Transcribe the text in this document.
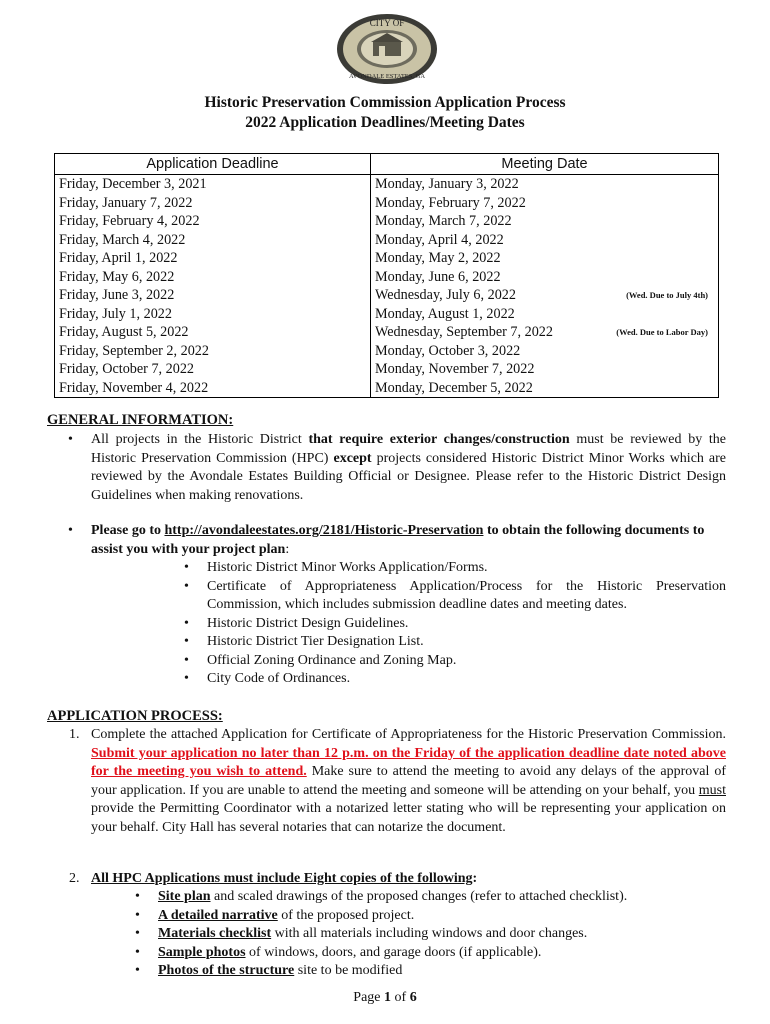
CITY OF
AVONDALE ESTATES, GA
Historic Preservation Commission Application Process
2022 Application Deadlines/Meeting Dates
Application Deadline	Meeting Date
Friday, December 3, 2021	Monday, January 3, 2022
Friday, January 7, 2022	Monday, February 7, 2022
Friday, February 4, 2022	Monday, March 7, 2022
Friday, March 4, 2022	Monday, April 4, 2022
Friday, April 1, 2022	Monday, May 2, 2022
Friday, May 6, 2022	Monday, June 6, 2022
Friday, June 3, 2022	Wednesday, July 6, 2022 (Wed. Due to July 4th)

Friday, July 1, 2022	Monday, August 1, 2022
Friday, August 5, 2022	Wednesday, September 7, 2022 (Wed. Due to Labor Day)

Friday, September 2, 2022	Monday, October 3, 2022
Friday, October 7, 2022	Monday, November 7, 2022
Friday, November 4, 2022	Monday, December 5, 2022
GENERAL INFORMATION:
All projects in the Historic District that require exterior changes/construction must be reviewed by the Historic Preservation Commission (HPC) except projects considered Historic District Minor Works which are reviewed by the Avondale Estates Building Official or Designee. Please refer to the Historic District Design Guidelines when making renovations.
Please go to http://avondaleestates.org/2181/Historic-Preservation to obtain the following documents to assist you with your project plan:
Historic District Minor Works Application/Forms.
Certificate of Appropriateness Application/Process for the Historic Preservation Commission, which includes submission deadline dates and meeting dates.
Historic District Design Guidelines.
Historic District Tier Designation List.
Official Zoning Ordinance and Zoning Map.
City Code of Ordinances.
APPLICATION PROCESS:
1. Complete the attached Application for Certificate of Appropriateness for the Historic Preservation Commission. Submit your application no later than 12 p.m. on the Friday of the application deadline date noted above for the meeting you wish to attend. Make sure to attend the meeting to avoid any delays of the approval of your application. If you are unable to attend the meeting and someone will be attending on your behalf, you must provide the Permitting Coordinator with a notarized letter stating who will be representing your application on your behalf. City Hall has several notaries that can notarize the document.
2. All HPC Applications must include Eight copies of the following:
Site plan and scaled drawings of the proposed changes (refer to attached checklist).
A detailed narrative of the proposed project.
Materials checklist with all materials including windows and door changes.
Sample photos of windows, doors, and garage doors (if applicable).
Photos of the structure site to be modified
Page 1 of 6
